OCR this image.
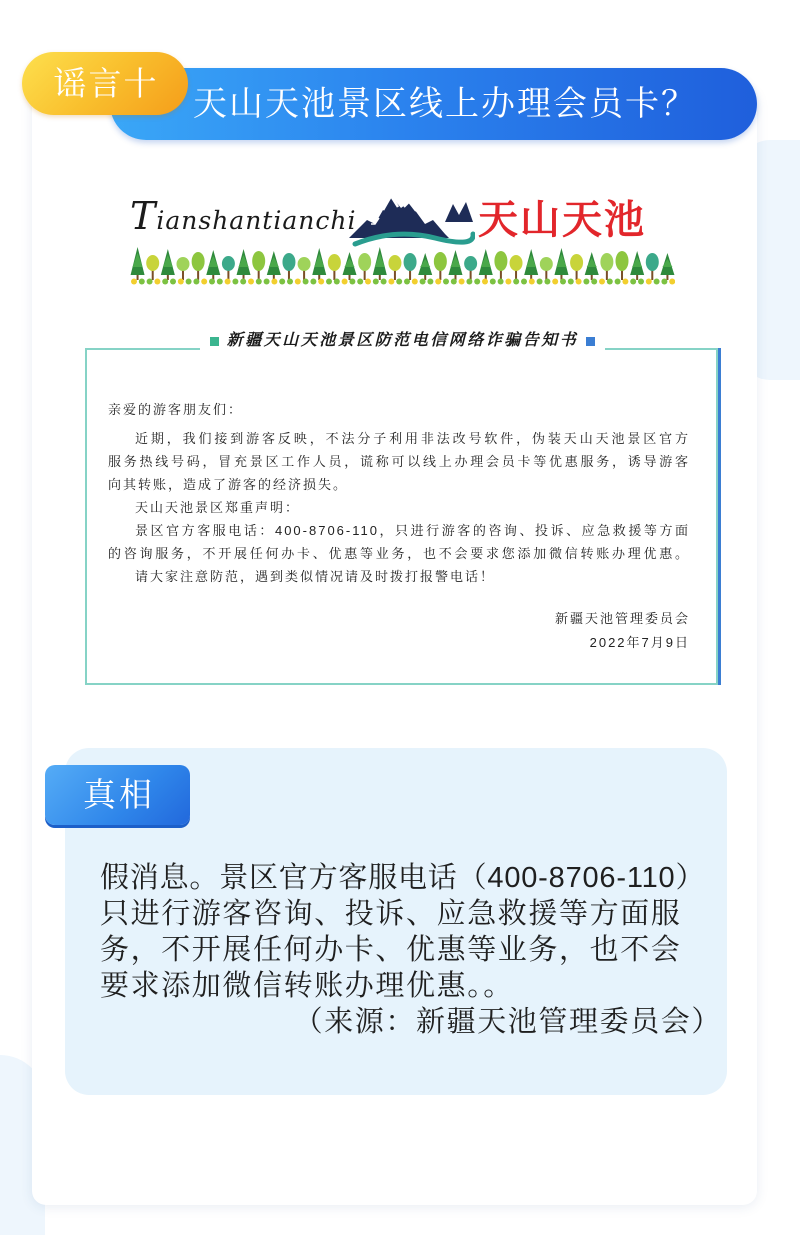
天山天池景区线上办理会员卡？
谣言十
Tianshantianchi	天山天池
亲爱的游客朋友们：
近期，我们接到游客反映，不法分子利用非法改号软件，伪装天山天池景区官方
服务热线号码，冒充景区工作人员，谎称可以线上办理会员卡等优惠服务，诱导游客
向其转账，造成了游客的经济损失。
天山天池景区郑重声明：
景区官方客服电话：400-8706-110，只进行游客的咨询、投诉、应急救援等方面
的咨询服务，不开展任何办卡、优惠等业务，也不会要求您添加微信转账办理优惠。
请大家注意防范，遇到类似情况请及时拨打报警电话！
新疆天池管理委员会
2022年7月9日
新疆天山天池景区防范电信网络诈骗告知书
真相
假消息。景区官方客服电话（400-8706-110）
只进行游客咨询、投诉、应急救援等方面服
务，不开展任何办卡、优惠等业务，也不会
要求添加微信转账办理优惠。。
（来源：新疆天池管理委员会）
